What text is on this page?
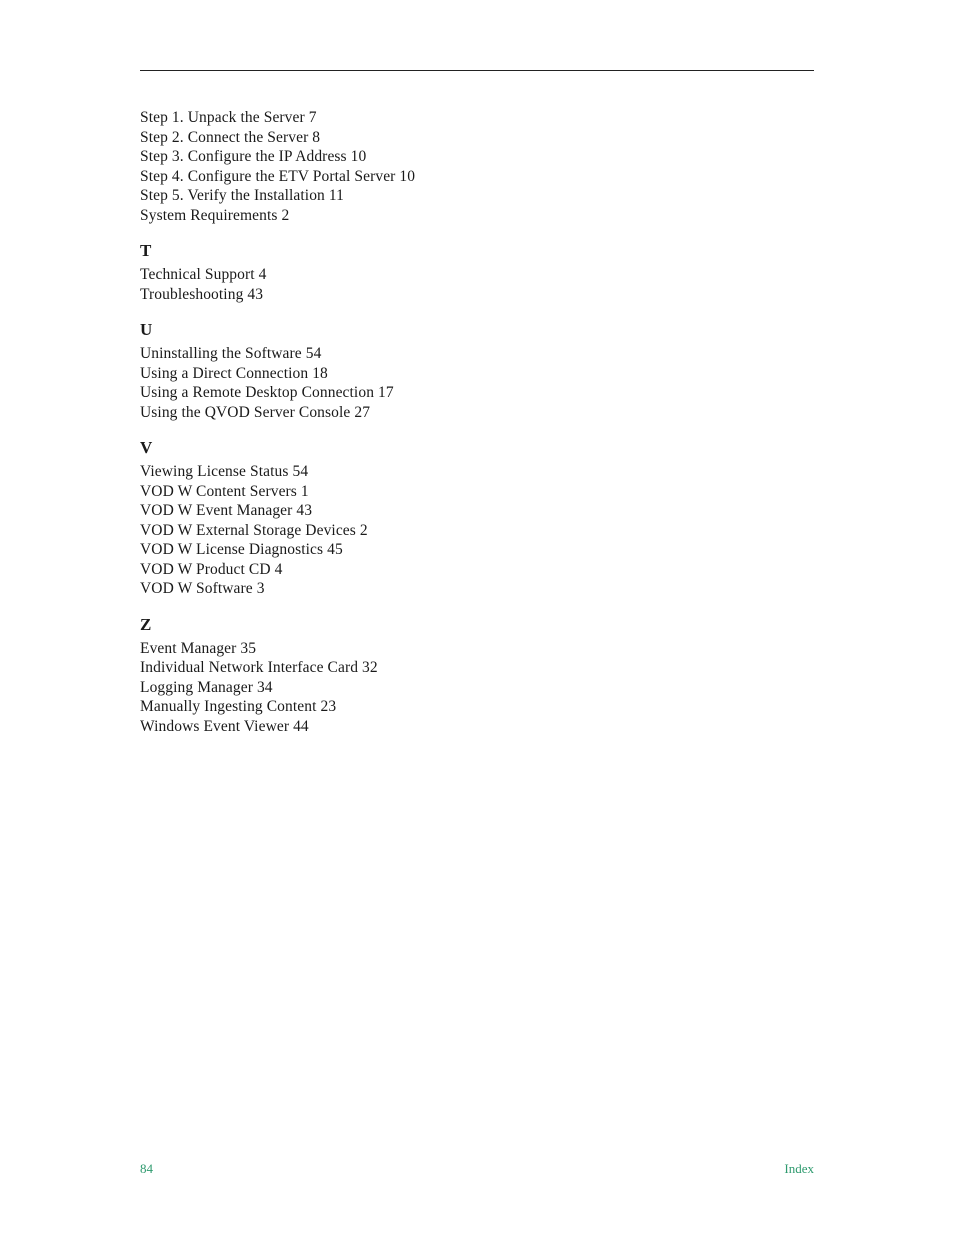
Step 1. Unpack the Server 7
Step 2. Connect the Server 8
Step 3. Configure the IP Address 10
Step 4. Configure the ETV Portal Server 10
Step 5. Verify the Installation 11
System Requirements 2
T
Technical Support 4
Troubleshooting 43
U
Uninstalling the Software 54
Using a Direct Connection 18
Using a Remote Desktop Connection 17
Using the QVOD Server Console 27
V
Viewing License Status 54
VOD W Content Servers 1
VOD W Event Manager 43
VOD W External Storage Devices 2
VOD W License Diagnostics 45
VOD W Product CD 4
VOD W Software 3
Z
Event Manager 35
Individual Network Interface Card 32
Logging Manager 34
Manually Ingesting Content 23
Windows Event Viewer 44
84	Index
